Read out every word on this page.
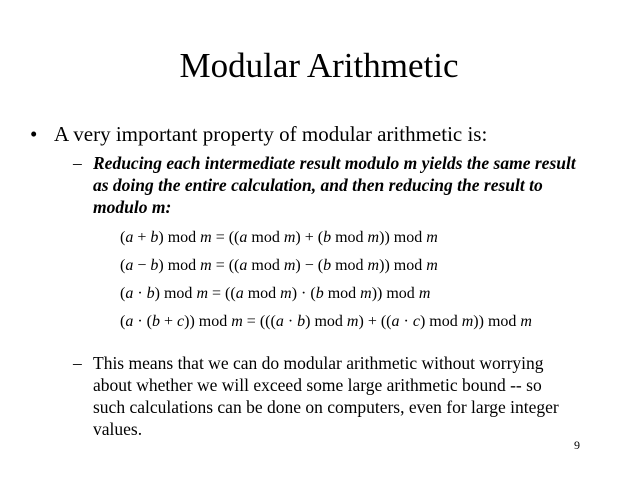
Modular Arithmetic
• A very important property of modular arithmetic is:
– Reducing each intermediate result modulo m yields the same result
as doing the entire calculation, and then reducing the result to
modulo m:
(a + b) mod m = ((a mod m) + (b mod m)) mod m
(a − b) mod m = ((a mod m) − (b mod m)) mod m
(a · b) mod m = ((a mod m) · (b mod m)) mod m
(a · (b + c)) mod m = (((a · b) mod m) + ((a · c) mod m)) mod m
– This means that we can do modular arithmetic without worrying
about whether we will exceed some large arithmetic bound -- so
such calculations can be done on computers, even for large integer
values.
9
